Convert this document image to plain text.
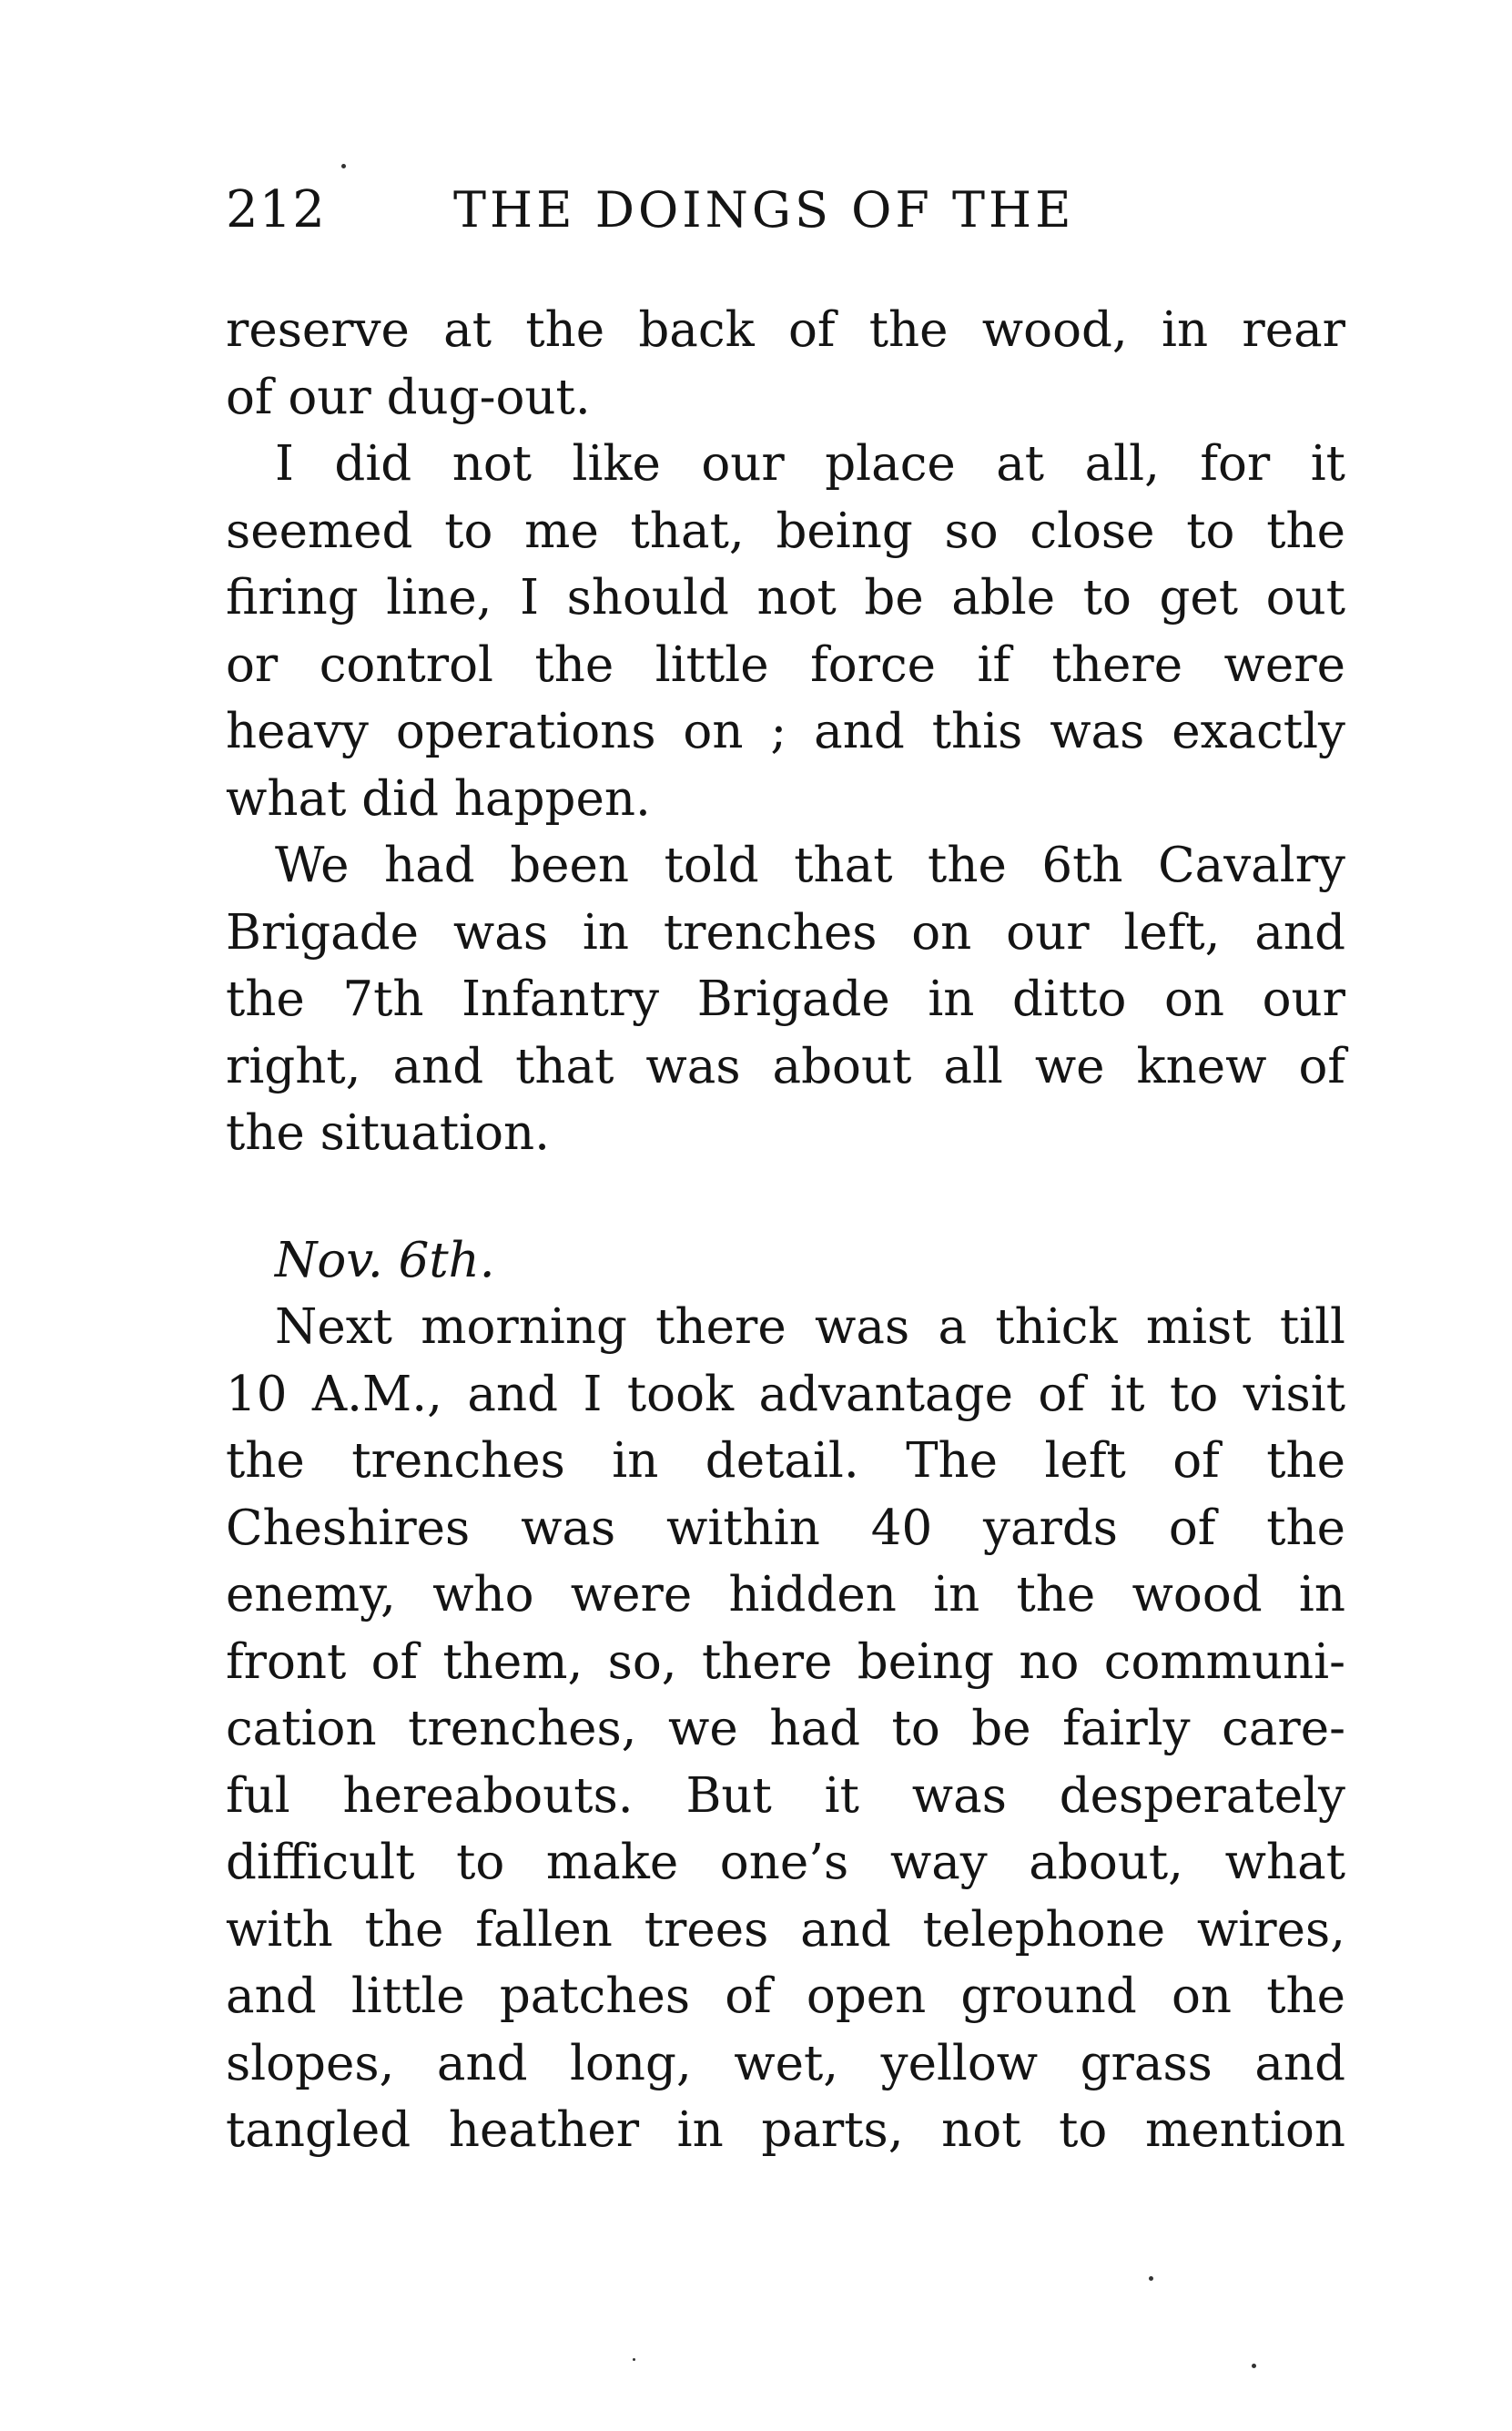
212	THE DOINGS OF THE
reserve at the back of the wood, in rear
of our dug-out.
I did not like our place at all, for it
seemed to me that, being so close to the
firing line, I should not be able to get out
or control the little force if there were
heavy operations on ; and this was exactly
what did happen.
We had been told that the 6th Cavalry
Brigade was in trenches on our left, and
the 7th Infantry Brigade in ditto on our
right, and that was about all we knew of
the situation.
Nov. 6th.
Next morning there was a thick mist till
10 A.M., and I took advantage of it to visit
the trenches in detail. The left of the
Cheshires was within 40 yards of the
enemy, who were hidden in the wood in
front of them, so, there being no communi-
cation trenches, we had to be fairly care-
ful hereabouts. But it was desperately
difficult to make one’s way about, what
with the fallen trees and telephone wires,
and little patches of open ground on the
slopes, and long, wet, yellow grass and
tangled heather in parts, not to mention
